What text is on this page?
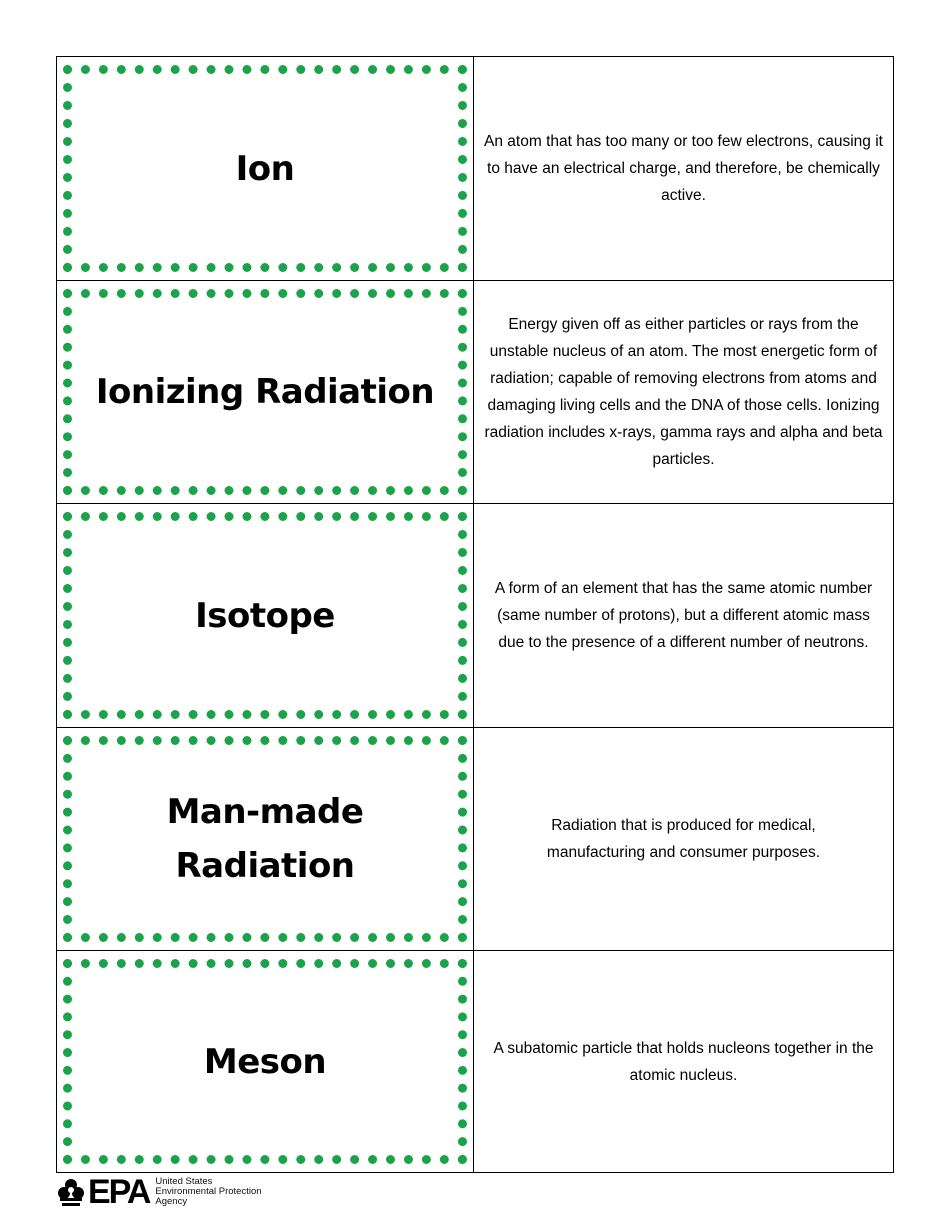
Ion

An atom that has too many or too few electrons, causing it to have an electrical charge, and therefore, be chemically active.

Ionizing Radiation

Energy given off as either particles or rays from the unstable nucleus of an atom. The most energetic form of radiation; capable of removing electrons from atoms and damaging living cells and the DNA of those cells. Ionizing radiation includes x-rays, gamma rays and alpha and beta particles.

Isotope

A form of an element that has the same atomic number (same number of protons), but a different atomic mass due to the presence of a different number of neutrons.

Man-made
Radiation

Radiation that is produced for medical, manufacturing and consumer purposes.

Meson	A subatomic particle that holds nucleons together in the atomic nucleus.

EPA United States
Environmental Protection
Agency
